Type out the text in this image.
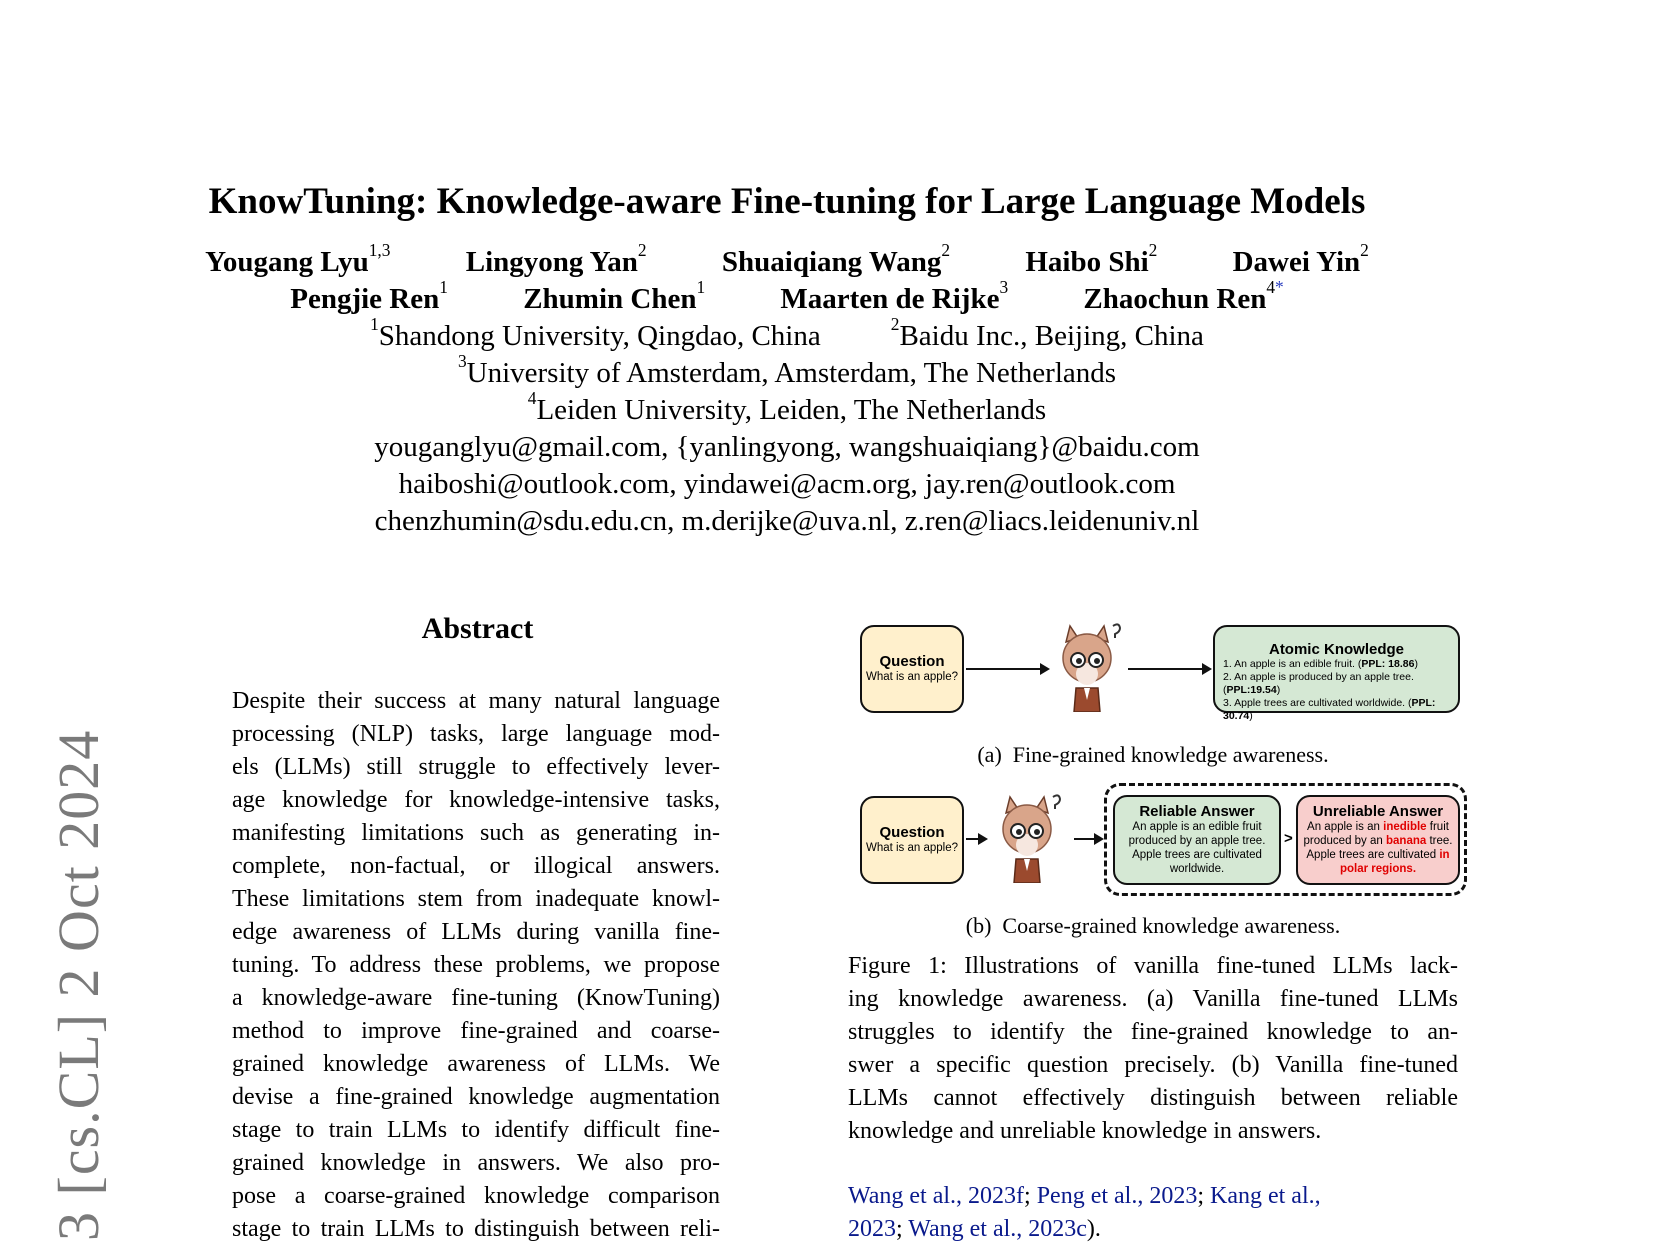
KnowTuning: Knowledge-aware Fine-tuning for Large Language Models
Yougang Lyu$^{1,3}$	Lingyong Yan$^2$	Shuaiqiang Wang$^2$	Haibo Shi$^2$	Dawei Yin$^2$
Pengjie Ren$^1$	Zhumin Chen$^1$	Maarten de Rijke$^3$	Zhaochun Ren$^{4*}$
$^1$Shandong University, Qingdao, China	$^2$Baidu Inc., Beijing, China
$^3$University of Amsterdam, Amsterdam, The Netherlands
$^4$Leiden University, Leiden, The Netherlands
youganglyu@gmail.com, {yanlingyong, wangshuaiqiang}@baidu.com
haiboshi@outlook.com, yindawei@acm.org, jay.ren@outlook.com
chenzhumin@sdu.edu.cn, m.derijke@uva.nl, z.ren@liacs.leidenuniv.nl
3 [cs.CL] 2 Oct 2024
Abstract
Despite their success at many natural language
processing (NLP) tasks, large language mod-
els (LLMs) still struggle to effectively lever-
age knowledge for knowledge-intensive tasks,
manifesting limitations such as generating in-
complete, non-factual, or illogical answers.
These limitations stem from inadequate knowl-
edge awareness of LLMs during vanilla fine-
tuning. To address these problems, we propose
a knowledge-aware fine-tuning (KnowTuning)
method to improve fine-grained and coarse-
grained knowledge awareness of LLMs. We
devise a fine-grained knowledge augmentation
stage to train LLMs to identify difficult fine-
grained knowledge in answers. We also pro-
pose a coarse-grained knowledge comparison
stage to train LLMs to distinguish between reli-
Question
What is an apple?
Atomic Knowledge
1. An apple is an edible fruit. (PPL: 18.86)
2. An apple is produced by an apple tree. (PPL:19.54)
3. Apple trees are cultivated worldwide. (PPL: 30.74)
(a) Fine-grained knowledge awareness.
Question
What is an apple?
Reliable Answer
An apple is an edible fruit
produced by an apple tree.
Apple trees are cultivated
worldwide.
>
Unreliable Answer
An apple is an inedible fruit
produced by an banana tree.
Apple trees are cultivated in
polar regions.
(b) Coarse-grained knowledge awareness.
Figure 1: Illustrations of vanilla fine-tuned LLMs lack-
ing knowledge awareness. (a) Vanilla fine-tuned LLMs
struggles to identify the fine-grained knowledge to an-
swer a specific question precisely. (b) Vanilla fine-tuned
LLMs cannot effectively distinguish between reliable
knowledge and unreliable knowledge in answers.
Wang et al., 2023f; Peng et al., 2023; Kang et al.,
2023; Wang et al., 2023c).
